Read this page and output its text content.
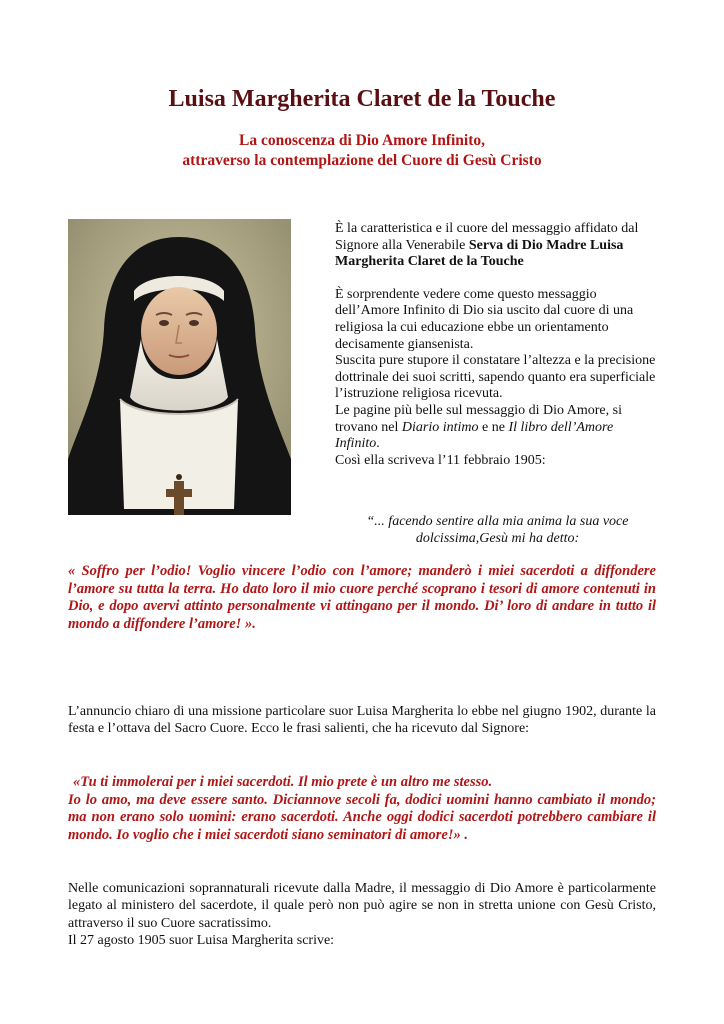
Luisa Margherita Claret de la Touche
La conoscenza di Dio Amore Infinito,
attraverso la contemplazione del Cuore di Gesù Cristo

È la caratteristica e il cuore del messaggio affidato dal Signore alla Venerabile Serva di Dio Madre Luisa Margherita Claret de la Touche

È sorprendente vedere come questo messaggio dell’Amore Infinito di Dio sia uscito dal cuore di una religiosa la cui educazione ebbe un orientamento decisamente giansenista.

Suscita pure stupore il constatare l’altezza e la precisione dottrinale dei suoi scritti, sapendo quanto era superficiale l’istruzione religiosa ricevuta.

Le pagine più belle sul messaggio di Dio Amore, si trovano nel Diario intimo e ne Il libro dell’Amore Infinito.

Così ella scriveva l’11 febbraio 1905:

“... facendo sentire alla mia anima la sua voce
dolcissima,Gesù mi ha detto:

« Soffro per l’odio! Voglio vincere l’odio con l’amore; manderò i miei sacerdoti a diffondere l’amore su tutta la terra. Ho dato loro il mio cuore perché scoprano i tesori di amore contenuti in Dio, e dopo avervi attinto personalmente vi attingano per il mondo. Di’ loro di andare in tutto il mondo a diffondere l’amore! ».

L’annuncio chiaro di una missione particolare suor Luisa Margherita lo ebbe nel giugno 1902, durante la festa e l’ottava del Sacro Cuore. Ecco le frasi salienti, che ha ricevuto dal Signore:

«Tu ti immolerai per i miei sacerdoti. Il mio prete è un altro me stesso.
Io lo amo, ma deve essere santo. Diciannove secoli fa, dodici uomini hanno cambiato il mondo; ma non erano solo uomini: erano sacerdoti. Anche oggi dodici sacerdoti potrebbero cambiare il mondo. Io voglio che i miei sacerdoti siano seminatori di amore!» .
Nelle comunicazioni soprannaturali ricevute dalla Madre, il messaggio di Dio Amore è particolarmente legato al ministero del sacerdote, il quale però non può agire se non in stretta unione con Gesù Cristo, attraverso il suo Cuore sacratissimo.
Il 27 agosto 1905 suor Luisa Margherita scrive:
